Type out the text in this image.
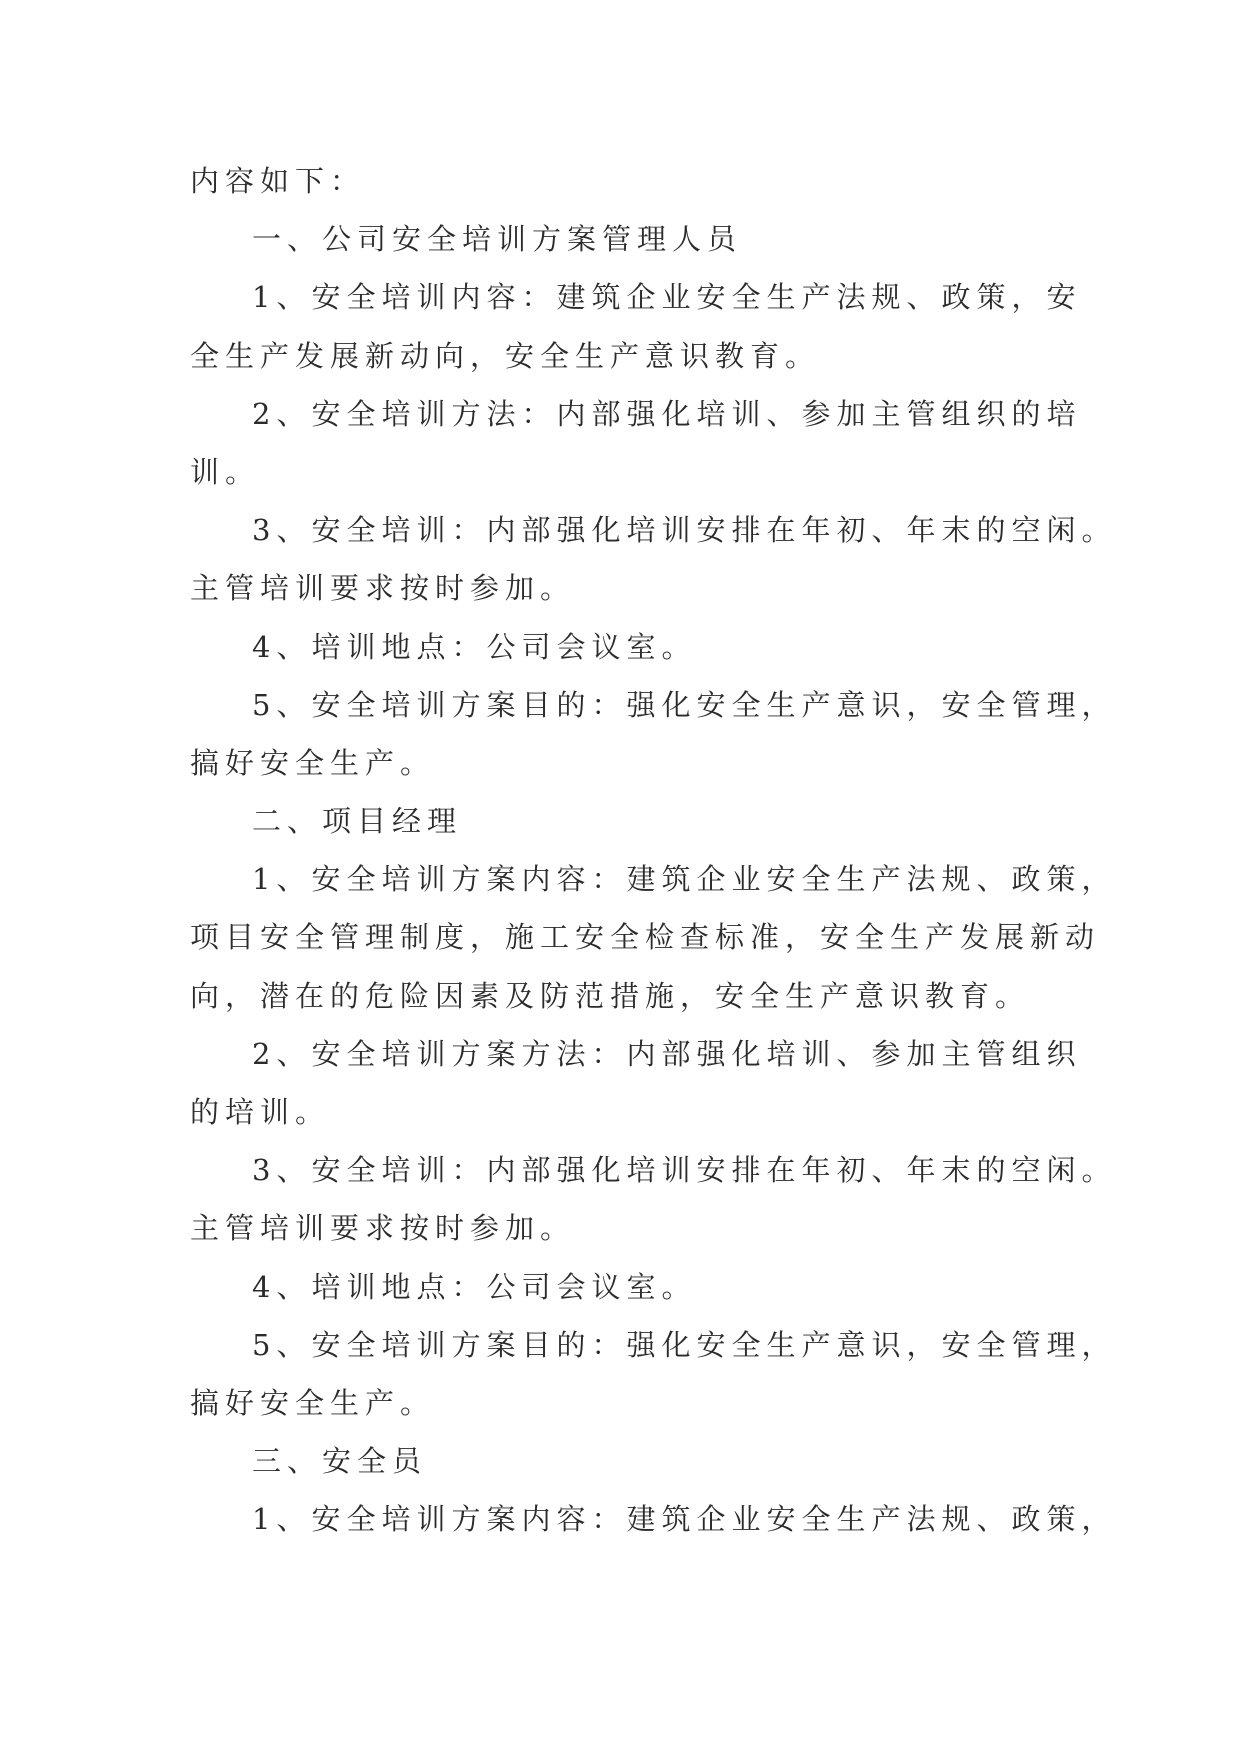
内容如下：
一、公司安全培训方案管理人员
1、安全培训内容：建筑企业安全生产法规、政策，安
全生产发展新动向，安全生产意识教育。
2、安全培训方法：内部强化培训、参加主管组织的培
训。
3、安全培训：内部强化培训安排在年初、年末的空闲。
主管培训要求按时参加。
4、培训地点：公司会议室。
5、安全培训方案目的：强化安全生产意识，安全管理，
搞好安全生产。
二、项目经理
1、安全培训方案内容：建筑企业安全生产法规、政策，
项目安全管理制度，施工安全检查标准，安全生产发展新动
向，潜在的危险因素及防范措施，安全生产意识教育。
2、安全培训方案方法：内部强化培训、参加主管组织
的培训。
3、安全培训：内部强化培训安排在年初、年末的空闲。
主管培训要求按时参加。
4、培训地点：公司会议室。
5、安全培训方案目的：强化安全生产意识，安全管理，
搞好安全生产。
三、安全员
1、安全培训方案内容：建筑企业安全生产法规、政策，
